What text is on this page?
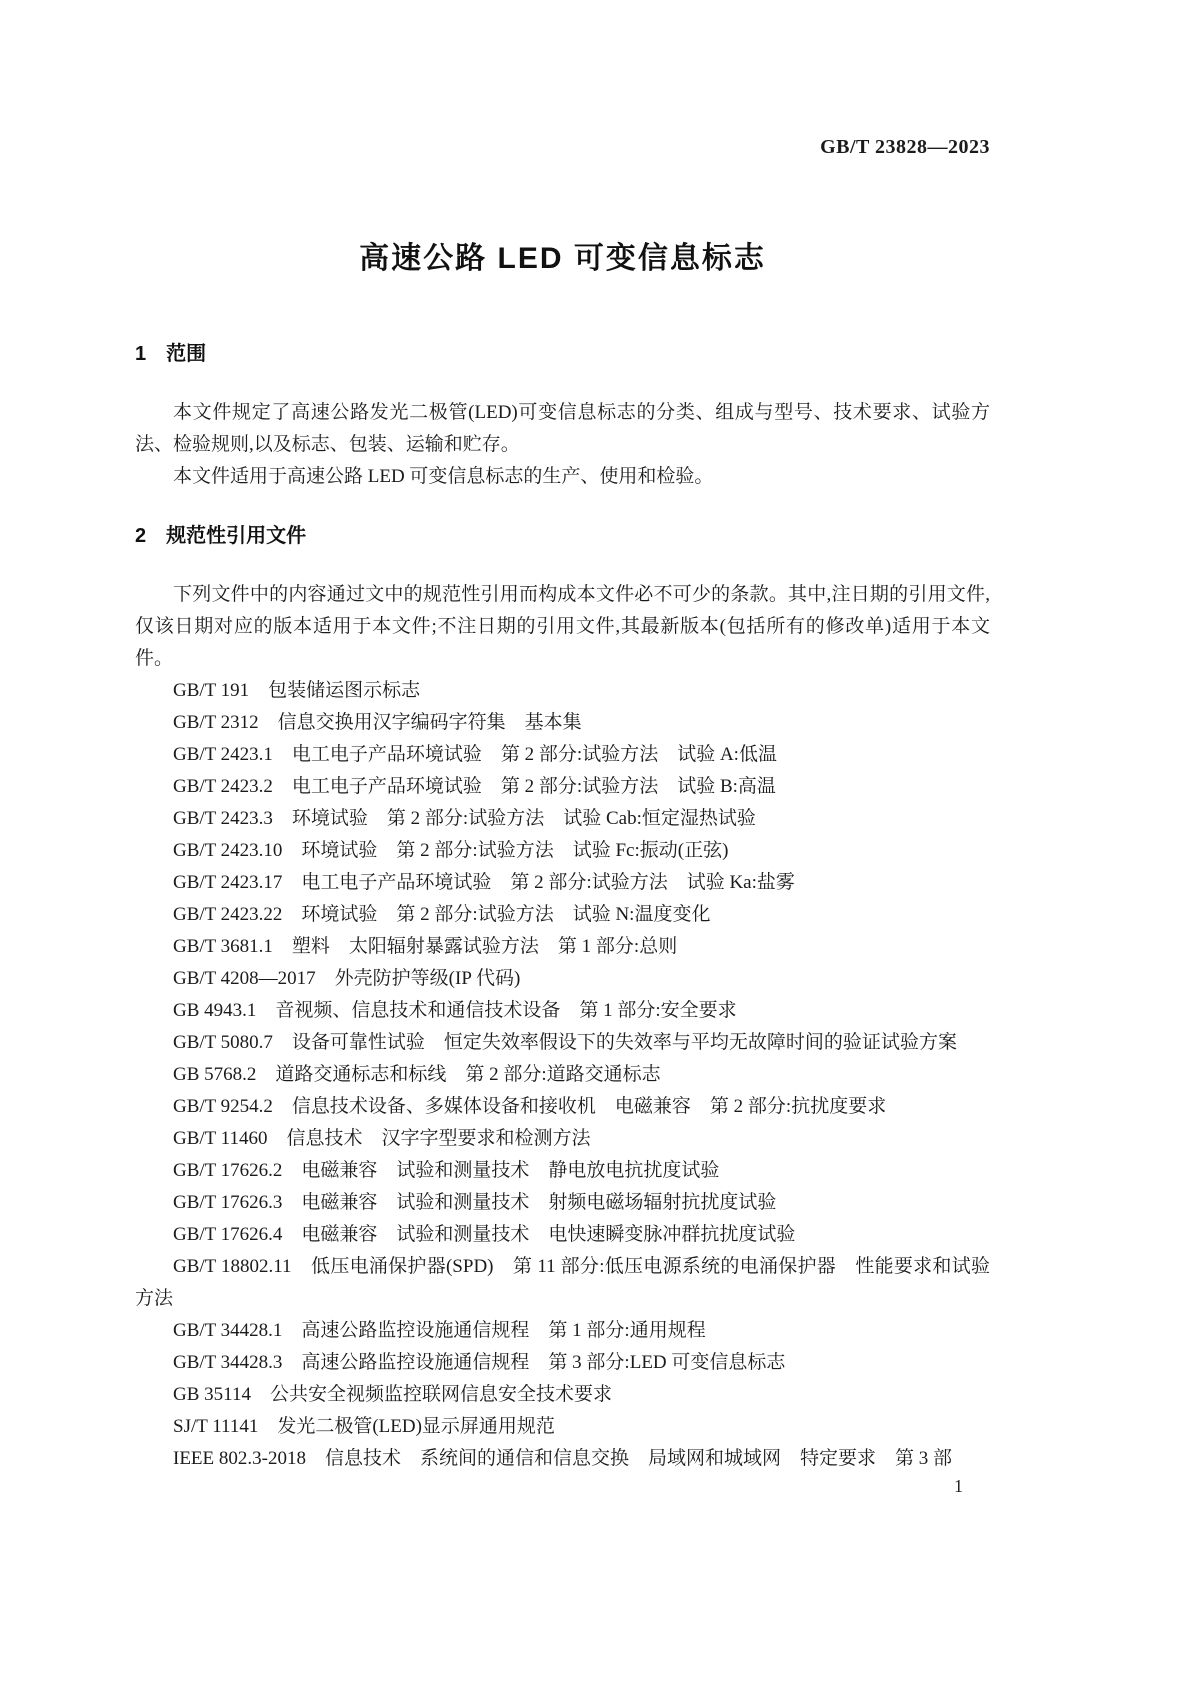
GB/T 23828—2023
高速公路 LED 可变信息标志
1 范围

本文件规定了高速公路发光二极管(LED)可变信息标志的分类、组成与型号、技术要求、试验方法、检验规则,以及标志、包装、运输和贮存。

本文件适用于高速公路 LED 可变信息标志的生产、使用和检验。

2 规范性引用文件

下列文件中的内容通过文中的规范性引用而构成本文件必不可少的条款。其中,注日期的引用文件,仅该日期对应的版本适用于本文件;不注日期的引用文件,其最新版本(包括所有的修改单)适用于本文件。

GB/T 191　包装储运图示标志

GB/T 2312　信息交换用汉字编码字符集　基本集

GB/T 2423.1　电工电子产品环境试验　第 2 部分:试验方法　试验 A:低温

GB/T 2423.2　电工电子产品环境试验　第 2 部分:试验方法　试验 B:高温

GB/T 2423.3　环境试验　第 2 部分:试验方法　试验 Cab:恒定湿热试验

GB/T 2423.10　环境试验　第 2 部分:试验方法　试验 Fc:振动(正弦)

GB/T 2423.17　电工电子产品环境试验　第 2 部分:试验方法　试验 Ka:盐雾

GB/T 2423.22　环境试验　第 2 部分:试验方法　试验 N:温度变化

GB/T 3681.1　塑料　太阳辐射暴露试验方法　第 1 部分:总则

GB/T 4208—2017　外壳防护等级(IP 代码)

GB 4943.1　音视频、信息技术和通信技术设备　第 1 部分:安全要求

GB/T 5080.7　设备可靠性试验　恒定失效率假设下的失效率与平均无故障时间的验证试验方案

GB 5768.2　道路交通标志和标线　第 2 部分:道路交通标志

GB/T 9254.2　信息技术设备、多媒体设备和接收机　电磁兼容　第 2 部分:抗扰度要求

GB/T 11460　信息技术　汉字字型要求和检测方法

GB/T 17626.2　电磁兼容　试验和测量技术　静电放电抗扰度试验

GB/T 17626.3　电磁兼容　试验和测量技术　射频电磁场辐射抗扰度试验

GB/T 17626.4　电磁兼容　试验和测量技术　电快速瞬变脉冲群抗扰度试验

GB/T 18802.11　低压电涌保护器(SPD)　第 11 部分:低压电源系统的电涌保护器　性能要求和试验方法

GB/T 34428.1　高速公路监控设施通信规程　第 1 部分:通用规程

GB/T 34428.3　高速公路监控设施通信规程　第 3 部分:LED 可变信息标志

GB 35114　公共安全视频监控联网信息安全技术要求

SJ/T 11141　发光二极管(LED)显示屏通用规范

IEEE 802.3-2018　信息技术　系统间的通信和信息交换　局域网和城域网　特定要求　第 3 部

1
